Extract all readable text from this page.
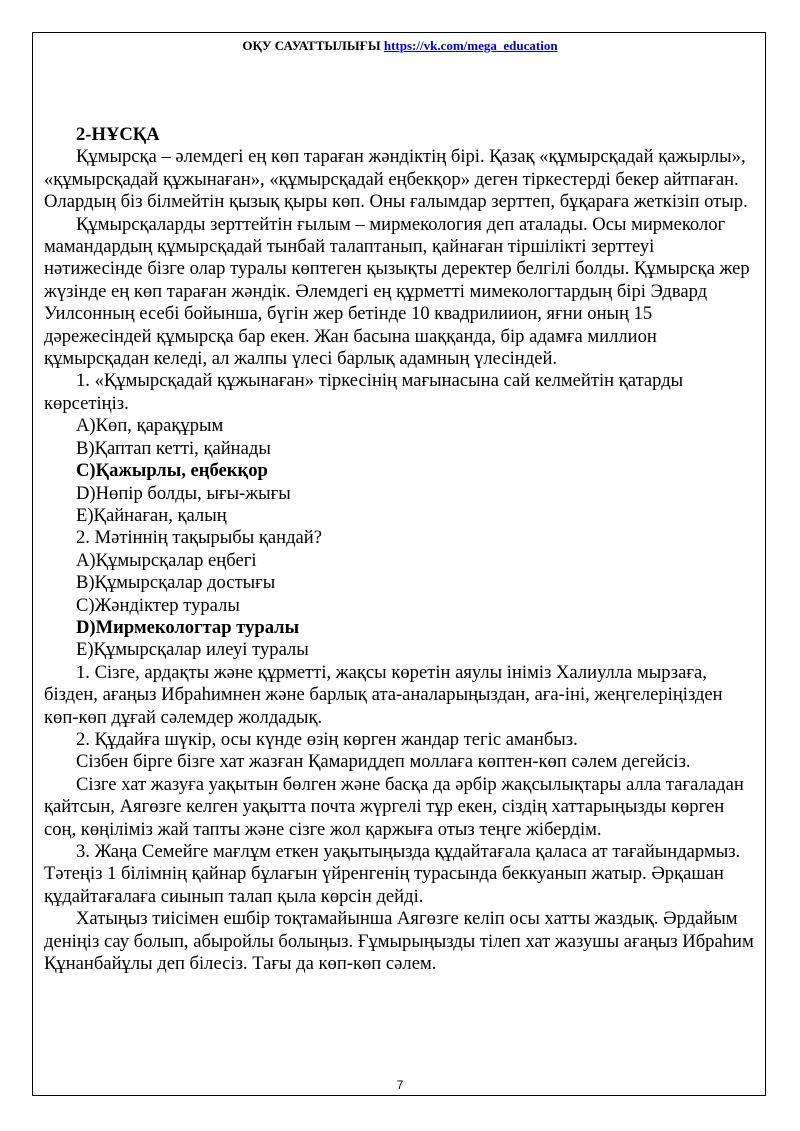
ОҚУ САУАТТЫЛЫҒЫ https://vk.com/mega_education

2-НҰСҚА

Құмырсқа – әлемдегі ең көп тараған жәндіктің бірі. Қазақ «құмырсқадай қажырлы», «құмырсқадай құжынаған», «құмырсқадай еңбекқор» деген тіркестерді бекер айтпаған. Олардың біз білмейтін қызық қыры көп. Оны ғалымдар зерттеп, бұқараға жеткізіп отыр.

Құмырсқаларды зерттейтін ғылым – мирмекология деп аталады. Осы мирмеколог мамандардың құмырсқадай тынбай талаптанып, қайнаған тіршілікті зерттеуі нәтижесінде бізге олар туралы көптеген қызықты деректер белгілі болды. Құмырсқа жер жүзінде ең көп тараған жәндік. Әлемдегі ең құрметті мимекологтардың бірі Эдвард Уилсонның есебі бойынша, бүгін жер бетінде 10 квадрилиион, яғни оның 15 дәрежесіндей құмырсқа бар екен. Жан басына шаққанда, бір адамға миллион құмырсқадан келеді, ал жалпы үлесі барлық адамның үлесіндей.

1. «Құмырсқадай құжынаған» тіркесінің мағынасына сай келмейтін қатарды көрсетіңіз.

А)Көп, қарақұрым

В)Қаптап кетті, қайнады

С)Қажырлы, еңбекқор

D)Нөпір болды, ығы-жығы

Е)Қайнаған, қалың

2. Мәтіннің тақырыбы қандай?

А)Құмырсқалар еңбегі

В)Құмырсқалар достығы

С)Жәндіктер туралы

D)Мирмекологтар туралы

Е)Құмырсқалар илеуі туралы

1. Сізге, ардақты және құрметті, жақсы көретін аяулы iнiмiз Халиулла мырзаға, бізден, ағаңыз Ибраһимнен және барлық ата-аналарыңыздан, аға-іні, жеңгелеріңізден көп-көп дұғай сәлемдер жолдадық.

2. Құдайға шүкір, осы күнде өзің көрген жандар тегіс аманбыз.

Сізбен бірге бізге хат жазған Қамариддеп моллаға көптен-көп сәлем дегейсіз.

Сізге хат жазуға уақытын бөлген және басқа да әрбір жақсылықтары алла тағаладан қайтсын, Аягөзге келген уақытта почта жүргелі тұр екен, сіздің хаттарыңызды көрген соң, көңіліміз жай тапты және сізге жол қаржыға отыз теңге жібердім.

3. Жаңа Семейге мағлұм еткен уақытыңызда құдайтағала қаласа ат тағайындармыз. Тәтеңіз 1 білімнің қайнар бұлағын үйренгенің турасында беккуанып жатыр. Әрқашан құдайтағалаға сиынып талап қыла көрсін дейді.

Хатыңыз тиісімен ешбір тоқтамайынша Аягөзге келіп осы хатты жаздық. Әрдайым деніңіз сау болып, абыройлы болыңыз. Ғұмырыңызды тілеп хат жазушы ағаңыз Ибраһим Құнанбайұлы деп білесіз. Тағы да көп-көп сәлем.

7
